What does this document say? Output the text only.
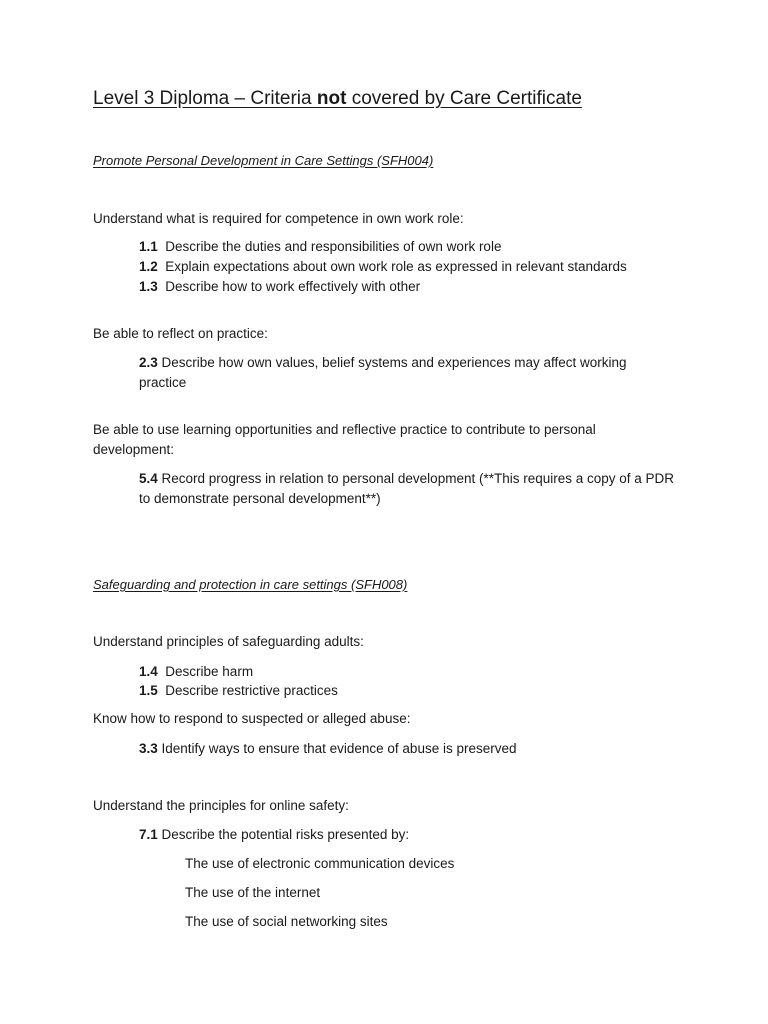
Level 3 Diploma – Criteria not covered by Care Certificate
Promote Personal Development in Care Settings (SFH004)
Understand what is required for competence in own work role:
1.1  Describe the duties and responsibilities of own work role
1.2  Explain expectations about own work role as expressed in relevant standards
1.3  Describe how to work effectively with other
Be able to reflect on practice:
2.3 Describe how own values, belief systems and experiences may affect working practice
Be able to use learning opportunities and reflective practice to contribute to personal development:
5.4 Record progress in relation to personal development (**This requires a copy of a PDR to demonstrate personal development**)
Safeguarding and protection in care settings (SFH008)
Understand principles of safeguarding adults:
1.4  Describe harm
1.5  Describe restrictive practices
Know how to respond to suspected or alleged abuse:
3.3 Identify ways to ensure that evidence of abuse is preserved
Understand the principles for online safety:
7.1 Describe the potential risks presented by:
The use of electronic communication devices
The use of the internet
The use of social networking sites
